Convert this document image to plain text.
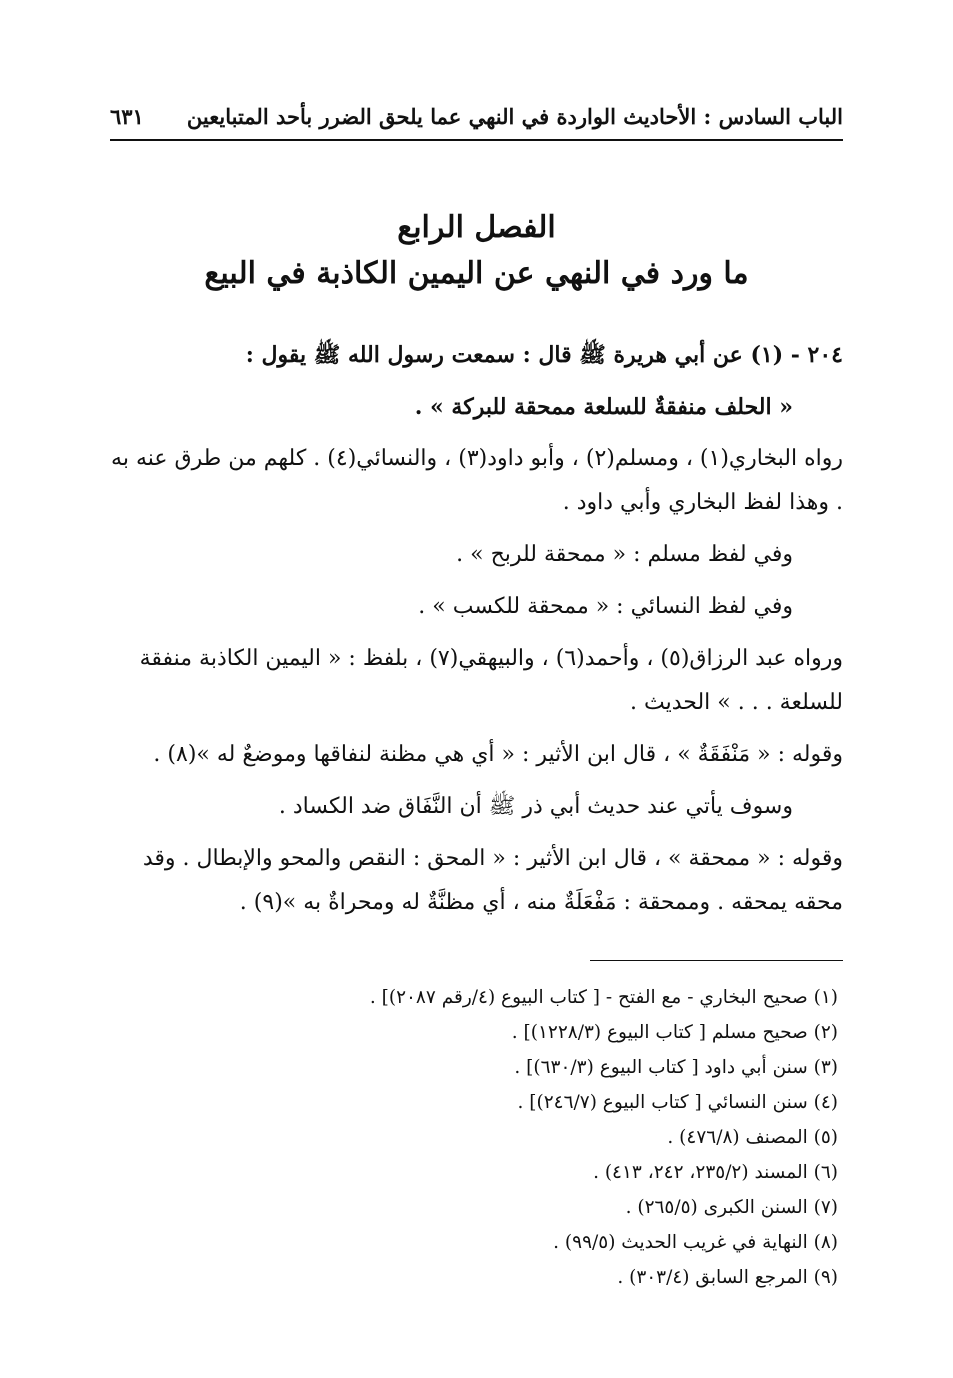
الباب السادس : الأحاديث الواردة في النهي عما يلحق الضرر بأحد المتبايعين
٦٣١
الفصل الرابع
ما ورد في النهي عن اليمين الكاذبة في البيع

٢٠٤ - (١) عن أبي هريرة ﷺ قال : سمعت رسول الله ﷺ يقول :

« الحلف منفقةٌ للسلعة ممحقة للبركة » .

رواه البخاري(١) ، ومسلم(٢) ، وأبو داود(٣) ، والنسائي(٤) . كلهم من طرق عنه به . وهذا لفظ البخاري وأبي داود .

وفي لفظ مسلم : « ممحقة للربح » .

وفي لفظ النسائي : « ممحقة للكسب » .

ورواه عبد الرزاق(٥) ، وأحمد(٦) ، والبيهقي(٧) ، بلفظ : « اليمين الكاذبة منفقة للسلعة . . . » الحديث .

وقوله : « مَنْفَقَةٌ » ، قال ابن الأثير : « أي هي مظنة لنفاقها وموضعٌ له »(٨) .

وسوف يأتي عند حديث أبي ذر ﷺ أن النَّفَاق ضد الكساد .

وقوله : « ممحقة » ، قال ابن الأثير : « المحق : النقص والمحو والإبطال . وقد محقه يمحقه . وممحقة : مَفْعَلَةٌ منه ، أي مظنَّةٌ له ومحراةٌ به »(٩) .

(١) صحيح البخاري - مع الفتح - [ كتاب البيوع (٤/رقم ٢٠٨٧)] .
(٢) صحيح مسلم [ كتاب البيوع (١٢٢٨/٣)] .
(٣) سنن أبي داود [ كتاب البيوع (٦٣٠/٣)] .
(٤) سنن النسائي [ كتاب البيوع (٢٤٦/٧)] .
(٥) المصنف (٤٧٦/٨) .
(٦) المسند (٢٣٥/٢، ٢٤٢، ٤١٣) .
(٧) السنن الكبرى (٢٦٥/٥) .
(٨) النهاية في غريب الحديث (٩٩/٥) .
(٩) المرجع السابق (٣٠٣/٤) .
